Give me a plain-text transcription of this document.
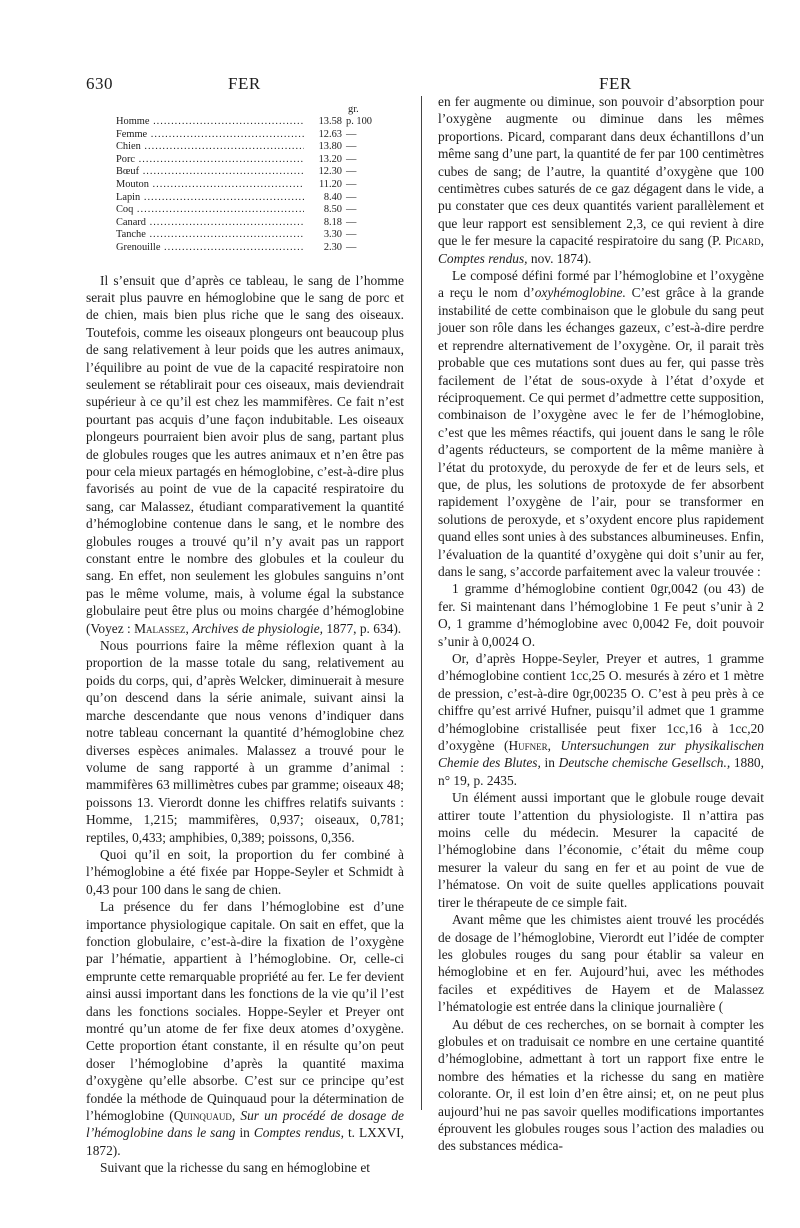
630	FER	FER
gr.
Homme .....	13.58 p. 100
Femme .....	12.63 —
Chien .....	13.80 —
Porc .....	13.20 —
Bœuf .....	12.30 —
Mouton .....	11.20 —
Lapin .....	8.40 —
Coq .....	8.50 —
Canard .....	8.18 —
Tanche .....	3.30 —
Grenouille .....	2.30 —

Il s’ensuit que d’après ce tableau, le sang de l’homme serait plus pauvre en hémoglobine que le sang de porc et de chien, mais bien plus riche que le sang des oiseaux. Toutefois, comme les oiseaux plongeurs ont beaucoup plus de sang relativement à leur poids que les autres animaux, l’équilibre au point de vue de la capacité respiratoire non seulement se rétablirait pour ces oiseaux, mais deviendrait supérieur à ce qu’il est chez les mammifères. Ce fait n’est pourtant pas acquis d’une façon indubitable. Les oiseaux plongeurs pourraient bien avoir plus de sang, partant plus de globules rouges que les autres animaux et n’en être pas pour cela mieux partagés en hémoglobine, c’est-à-dire plus favorisés au point de vue de la capacité respiratoire du sang, car Malassez, étudiant comparativement la quantité d’hémoglobine contenue dans le sang, et le nombre des globules rouges a trouvé qu’il n’y avait pas un rapport constant entre le nombre des globules et la couleur du sang. En effet, non seulement les globules sanguins n’ont pas le même volume, mais, à volume égal la substance globulaire peut être plus ou moins chargée d’hémoglobine (Voyez : Malassez, Archives de physiologie, 1877, p. 634).

Nous pourrions faire la même réflexion quant à la proportion de la masse totale du sang, relativement au poids du corps, qui, d’après Welcker, diminuerait à mesure qu’on descend dans la série animale, suivant ainsi la marche descendante que nous venons d’indiquer dans notre tableau concernant la quantité d’hémoglobine chez diverses espèces animales. Malassez a trouvé pour le volume de sang rapporté à un gramme d’animal : mammifères 63 millimètres cubes par gramme; oiseaux 48; poissons 13. Vierordt donne les chiffres relatifs suivants : Homme, 1,215; mammifères, 0,937; oiseaux, 0,781; reptiles, 0,433; amphibies, 0,389; poissons, 0,356.

Quoi qu’il en soit, la proportion du fer combiné à l’hémoglobine a été fixée par Hoppe-Seyler et Schmidt à 0,43 pour 100 dans le sang de chien.

La présence du fer dans l’hémoglobine est d’une importance physiologique capitale. On sait en effet, que la fonction globulaire, c’est-à-dire la fixation de l’oxygène par l’hématie, appartient à l’hémoglobine. Or, celle-ci emprunte cette remarquable propriété au fer. Le fer devient ainsi aussi important dans les fonctions de la vie qu’il l’est dans les fonctions sociales. Hoppe-Seyler et Preyer ont montré qu’un atome de fer fixe deux atomes d’oxygène. Cette proportion étant constante, il en résulte qu’on peut doser l’hémoglobine d’après la quantité maxima d’oxygène qu’elle absorbe. C’est sur ce principe qu’est fondée la méthode de Quinquaud pour la détermination de l’hémoglobine (Quinquaud, Sur un procédé de dosage de l’hémoglobine dans le sang in Comptes rendus, t. LXXVI, 1872).

Suivant que la richesse du sang en hémoglobine et

en fer augmente ou diminue, son pouvoir d’absorption pour l’oxygène augmente ou diminue dans les mêmes proportions. Picard, comparant dans deux échantillons d’un même sang d’une part, la quantité de fer par 100 centimètres cubes de sang; de l’autre, la quantité d’oxygène que 100 centimètres cubes saturés de ce gaz dégagent dans le vide, a pu constater que ces deux quantités varient parallèlement et que leur rapport est sensiblement 2,3, ce qui revient à dire que le fer mesure la capacité respiratoire du sang (P. Picard, Comptes rendus, nov. 1874).

Le composé défini formé par l’hémoglobine et l’oxygène a reçu le nom d’oxyhémoglobine. C’est grâce à la grande instabilité de cette combinaison que le globule du sang peut jouer son rôle dans les échanges gazeux, c’est-à-dire perdre et reprendre alternativement de l’oxygène. Or, il parait très probable que ces mutations sont dues au fer, qui passe très facilement de l’état de sous-oxyde à l’état d’oxyde et réciproquement. Ce qui permet d’admettre cette supposition, combinaison de l’oxygène avec le fer de l’hémoglobine, c’est que les mêmes réactifs, qui jouent dans le sang le rôle d’agents réducteurs, se comportent de la même manière à l’état du protoxyde, du peroxyde de fer et de leurs sels, et que, de plus, les solutions de protoxyde de fer absorbent rapidement l’oxygène de l’air, pour se transformer en solutions de peroxyde, et s’oxydent encore plus rapidement quand elles sont unies à des substances albumineuses. Enfin, l’évaluation de la quantité d’oxygène qui doit s’unir au fer, dans le sang, s’accorde parfaitement avec la valeur trouvée :

1 gramme d’hémoglobine contient 0gr,0042 (ou 43) de fer. Si maintenant dans l’hémoglobine 1 Fe peut s’unir à 2 O, 1 gramme d’hémoglobine avec 0,0042 Fe, doit pouvoir s’unir à 0,0024 O.

Or, d’après Hoppe-Seyler, Preyer et autres, 1 gramme d’hémoglobine contient 1cc,25 O. mesurés à zéro et 1 mètre de pression, c’est-à-dire 0gr,00235 O. C’est à peu près à ce chiffre qu’est arrivé Hufner, puisqu’il admet que 1 gramme d’hémoglobine cristallisée peut fixer 1cc,16 à 1cc,20 d’oxygène (Hufner, Untersuchungen zur physikalischen Chemie des Blutes, in Deutsche chemische Gesellsch., 1880, n° 19, p. 2435.

Un élément aussi important que le globule rouge devait attirer toute l’attention du physiologiste. Il n’attira pas moins celle du médecin. Mesurer la capacité de l’hémoglobine dans l’économie, c’était du même coup mesurer la valeur du sang en fer et au point de vue de l’hématose. On voit de suite quelles applications pouvait tirer le thérapeute de ce simple fait.

Avant même que les chimistes aient trouvé les procédés de dosage de l’hémoglobine, Vierordt eut l’idée de compter les globules rouges du sang pour établir sa valeur en hémoglobine et en fer. Aujourd’hui, avec les méthodes faciles et expéditives de Hayem et de Malassez l’hématologie est entrée dans la clinique journalière (

Au début de ces recherches, on se bornait à compter les globules et on traduisait ce nombre en une certaine quantité d’hémoglobine, admettant à tort un rapport fixe entre le nombre des hématies et la richesse du sang en matière colorante. Or, il est loin d’en être ainsi; et, on ne peut plus aujourd’hui ne pas savoir quelles modifications importantes éprouvent les globules rouges sous l’action des maladies ou des substances médica-
